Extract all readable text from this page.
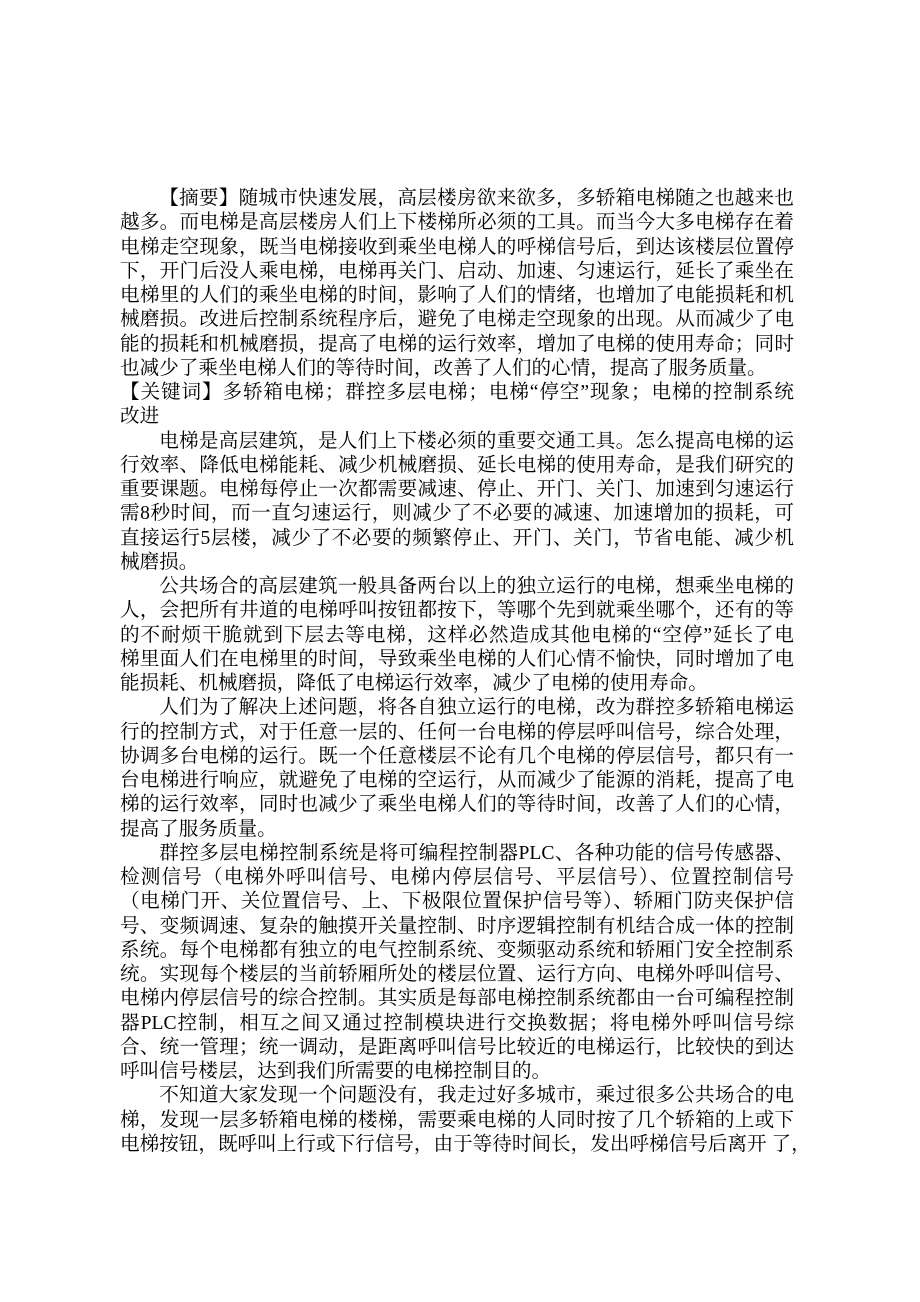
【摘要】随城市快速发展，高层楼房欲来欲多，多轿箱电梯随之也越来也
越多。而电梯是高层楼房人们上下楼梯所必须的工具。而当今大多电梯存在着
电梯走空现象，既当电梯接收到乘坐电梯人的呼梯信号后，到达该楼层位置停
下，开门后没人乘电梯，电梯再关门、启动、加速、匀速运行，延长了乘坐在
电梯里的人们的乘坐电梯的时间，影响了人们的情绪，也增加了电能损耗和机
械磨损。改进后控制系统程序后，避免了电梯走空现象的出现。从而减少了电
能的损耗和机械磨损，提高了电梯的运行效率，增加了电梯的使用寿命；同时
也减少了乘坐电梯人们的等待时间，改善了人们的心情，提高了服务质量。
【关键词】多轿箱电梯；群控多层电梯；电梯“停空”现象；电梯的控制系统
改进
电梯是高层建筑，是人们上下楼必须的重要交通工具。怎么提高电梯的运
行效率、降低电梯能耗、减少机械磨损、延长电梯的使用寿命，是我们研究的
重要课题。电梯每停止一次都需要减速、停止、开门、关门、加速到匀速运行
需8秒时间，而一直匀速运行，则减少了不必要的减速、加速增加的损耗，可
直接运行5层楼，减少了不必要的频繁停止、开门、关门，节省电能、减少机
械磨损。
公共场合的高层建筑一般具备两台以上的独立运行的电梯，想乘坐电梯的
人，会把所有井道的电梯呼叫按钮都按下，等哪个先到就乘坐哪个，还有的等
的不耐烦干脆就到下层去等电梯，这样必然造成其他电梯的“空停”延长了电
梯里面人们在电梯里的时间，导致乘坐电梯的人们心情不愉快，同时增加了电
能损耗、机械磨损，降低了电梯运行效率，减少了电梯的使用寿命。
人们为了解决上述问题，将各自独立运行的电梯，改为群控多轿箱电梯运
行的控制方式，对于任意一层的、任何一台电梯的停层呼叫信号，综合处理，
协调多台电梯的运行。既一个任意楼层不论有几个电梯的停层信号，都只有一
台电梯进行响应，就避免了电梯的空运行，从而减少了能源的消耗，提高了电
梯的运行效率，同时也减少了乘坐电梯人们的等待时间，改善了人们的心情，
提高了服务质量。
群控多层电梯控制系统是将可编程控制器PLC、各种功能的信号传感器、
检测信号（电梯外呼叫信号、电梯内停层信号、平层信号）、位置控制信号
（电梯门开、关位置信号、上、下极限位置保护信号等）、轿厢门防夹保护信
号、变频调速、复杂的触摸开关量控制、时序逻辑控制有机结合成一体的控制
系统。每个电梯都有独立的电气控制系统、变频驱动系统和轿厢门安全控制系
统。实现每个楼层的当前轿厢所处的楼层位置、运行方向、电梯外呼叫信号、
电梯内停层信号的综合控制。其实质是每部电梯控制系统都由一台可编程控制
器PLC控制，相互之间又通过控制模块进行交换数据；将电梯外呼叫信号综
合、统一管理；统一调动，是距离呼叫信号比较近的电梯运行，比较快的到达
呼叫信号楼层，达到我们所需要的电梯控制目的。
不知道大家发现一个问题没有，我走过好多城市，乘过很多公共场合的电
梯，发现一层多轿箱电梯的楼梯，需要乘电梯的人同时按了几个轿箱的上或下
电梯按钮，既呼叫上行或下行信号，由于等待时间长，发出呼梯信号后离开 了，
